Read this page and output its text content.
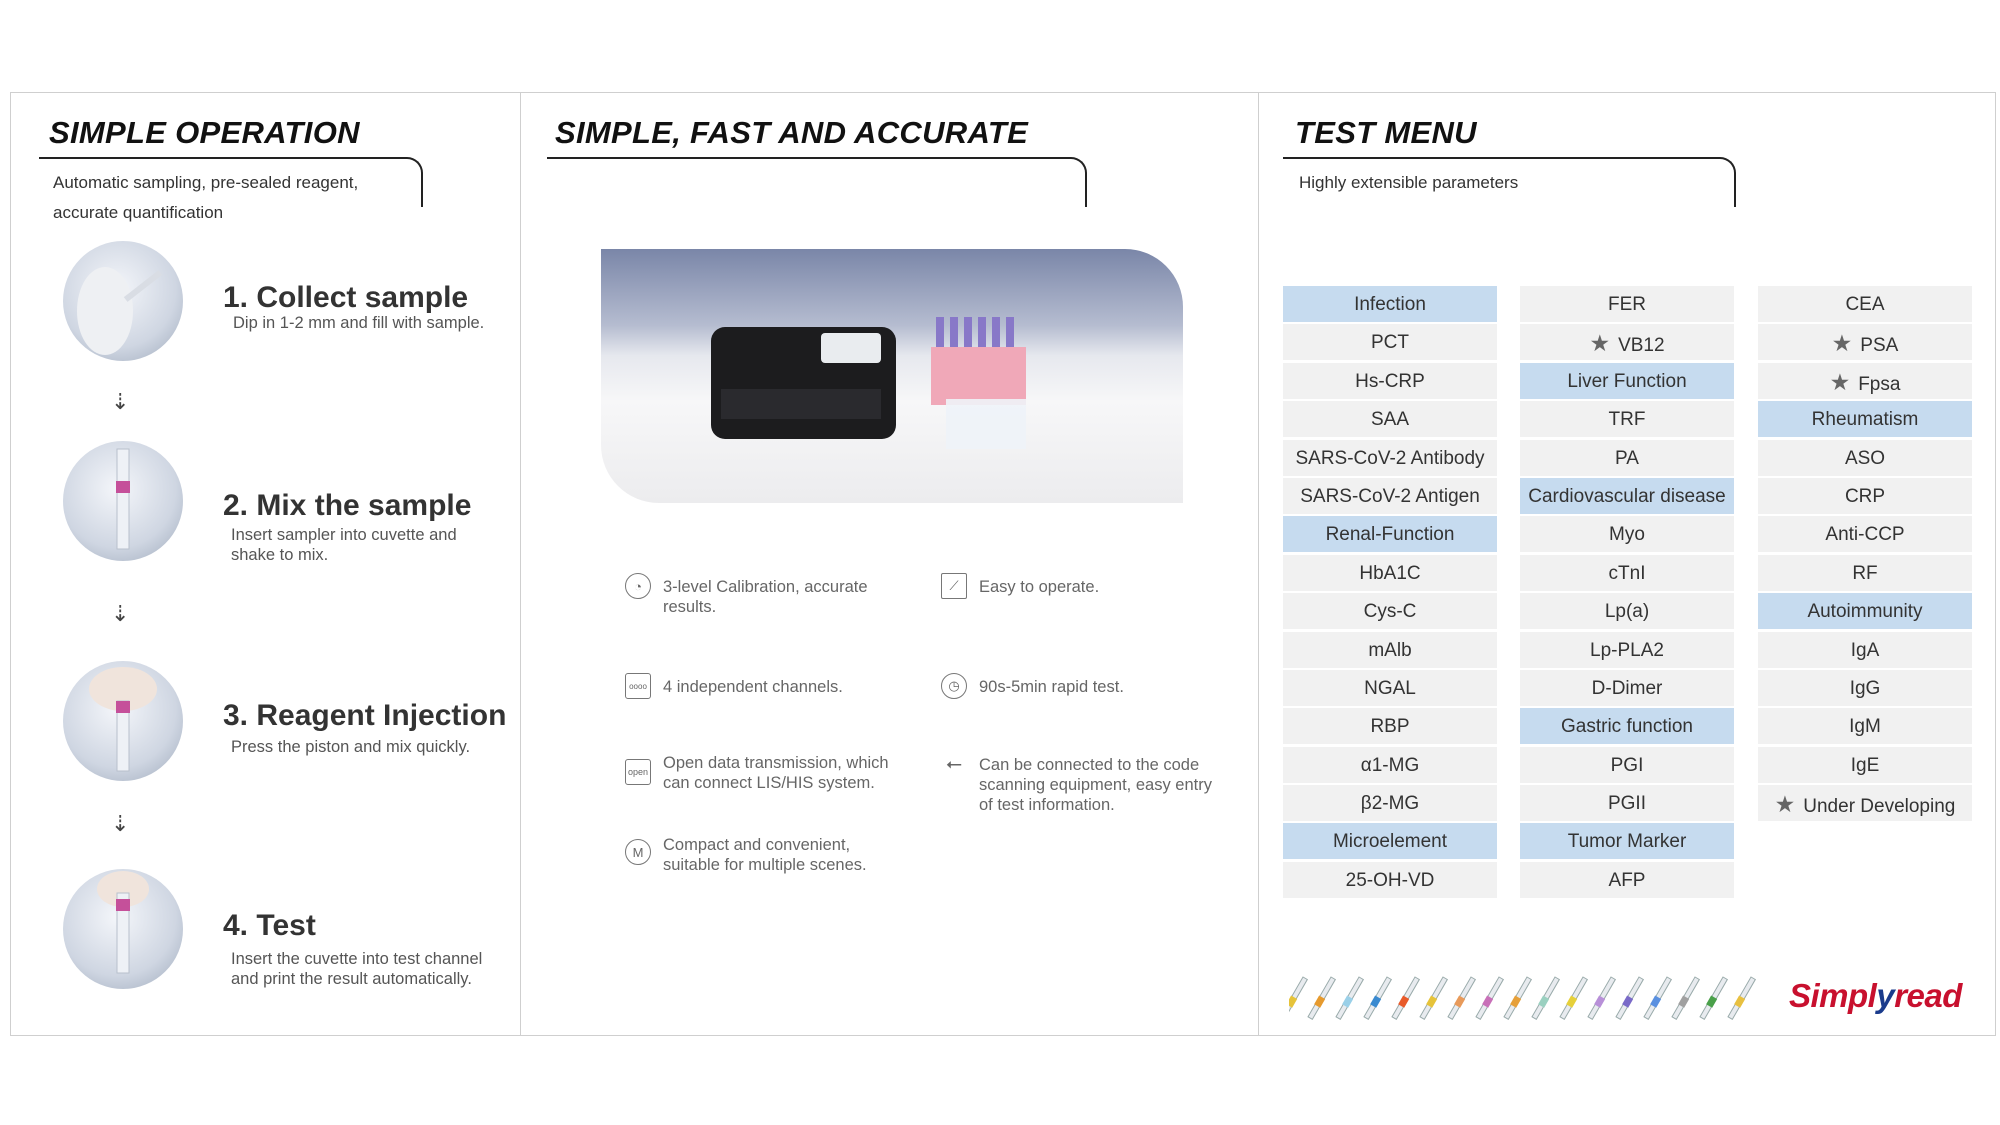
SIMPLE OPERATION
Automatic sampling, pre-sealed reagent,
accurate quantification
1. Collect sample
Dip in 1-2 mm and fill with sample.
⇣
2. Mix the sample
Insert sampler into cuvette and
shake to mix.
⇣
3. Reagent Injection
Press the piston and mix quickly.
⇣
4. Test
Insert the cuvette into test channel
and print the result automatically.
SIMPLE, FAST AND ACCURATE
◔	3-level Calibration, accurate
results.
⟋	Easy to operate.
oooo 4 independent channels.	◷	90s-5min rapid test.
open Open data transmission, which
can connect LIS/HIS system.
⭠	Can be connected to the code
scanning equipment, easy entry
of test information.
M	Compact and convenient,
suitable for multiple scenes.
TEST MENU
Highly extensible parameters
Infection
PCT
Hs-CRP
SAA
SARS-CoV-2 Antibody
SARS-CoV-2 Antigen
Renal-Function
HbA1C
Cys-C
mAlb
NGAL
RBP
α1-MG
β2-MG
Microelement
25-OH-VD
FER
★ VB12
Liver Function
TRF
PA
Cardiovascular disease
Myo
cTnI
Lp(a)
Lp-PLA2
D-Dimer
Gastric function
PGI
PGII
Tumor Marker
AFP
CEA
★ PSA
★ Fpsa
Rheumatism
ASO
CRP
Anti-CCP
RF
Autoimmunity
IgA
IgG
IgM
IgE
★ Under Developing
Simplyread
